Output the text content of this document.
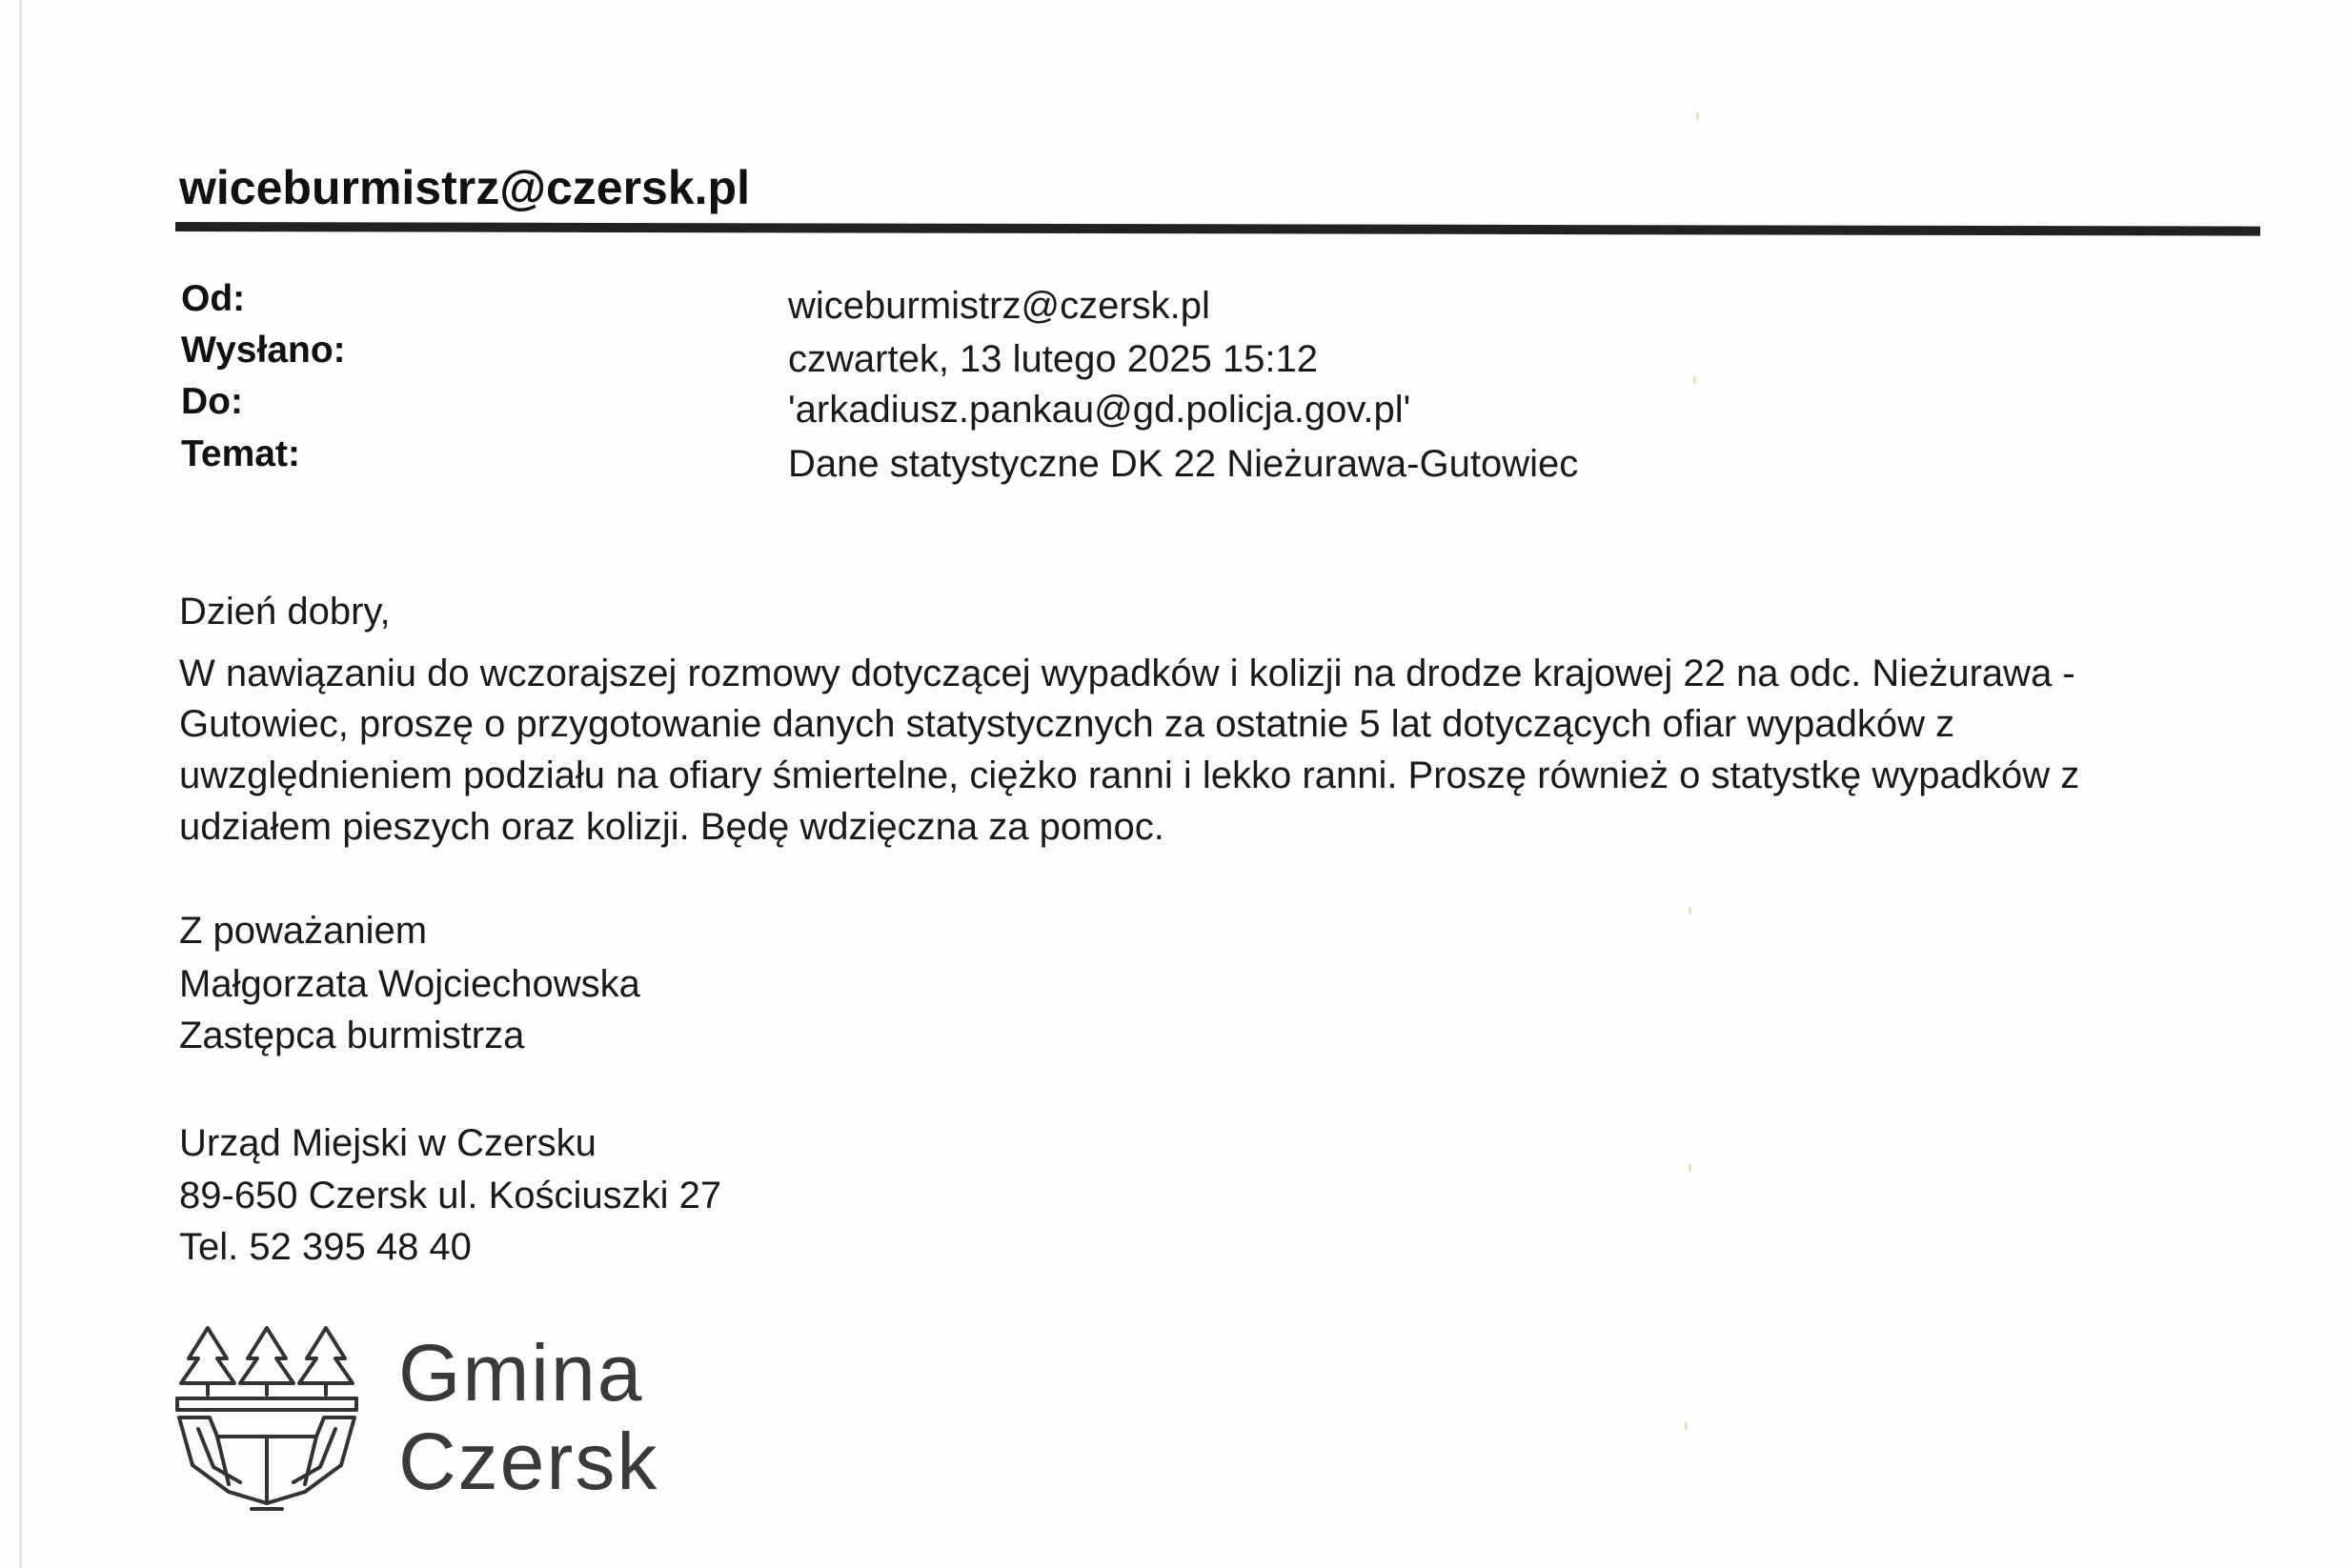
wiceburmistrz@czersk.pl
Od:	wiceburmistrz@czersk.pl
Wysłano:	czwartek, 13 lutego 2025 15:12
Do:	'arkadiusz.pankau@gd.policja.gov.pl'
Temat:	Dane statystyczne DK 22 Nieżurawa-Gutowiec
Dzień dobry,
W nawiązaniu do wczorajszej rozmowy dotyczącej wypadków i kolizji na drodze krajowej 22 na odc. Nieżurawa -
Gutowiec, proszę o przygotowanie danych statystycznych za ostatnie 5 lat dotyczących ofiar wypadków z
uwzględnieniem podziału na ofiary śmiertelne, ciężko ranni i lekko ranni. Proszę również o statystkę wypadków z
udziałem pieszych oraz kolizji. Będę wdzięczna za pomoc.
Z poważaniem
Małgorzata Wojciechowska
Zastępca burmistrza
Urząd Miejski w Czersku
89-650 Czersk ul. Kościuszki 27
Tel. 52 395 48 40
Gmina
Czersk
